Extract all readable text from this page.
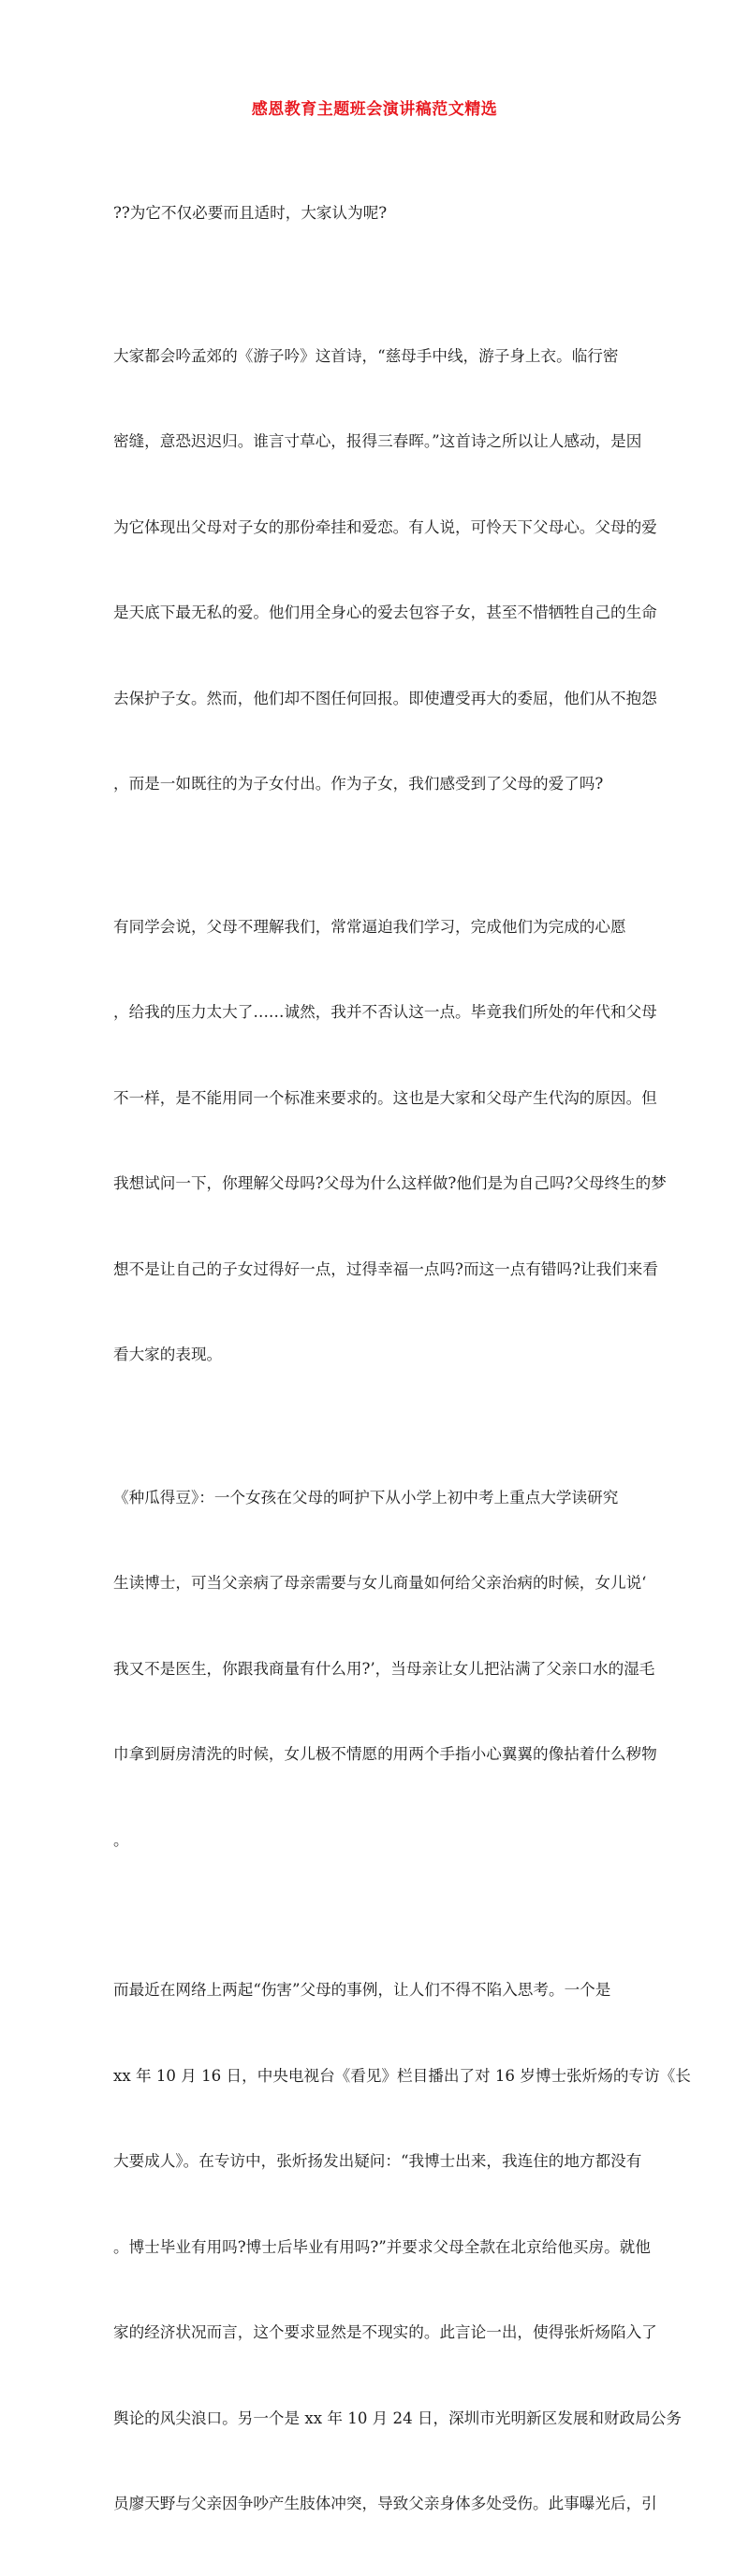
感恩教育主题班会演讲稿范文精选

??为它不仅必要而且适时，大家认为呢?

大家都会吟孟郊的《游子吟》这首诗，“慈母手中线，游子身上衣。临行密

密缝，意恐迟迟归。谁言寸草心，报得三春晖。”这首诗之所以让人感动，是因

为它体现出父母对子女的那份牵挂和爱恋。有人说，可怜天下父母心。父母的爱

是天底下最无私的爱。他们用全身心的爱去包容子女，甚至不惜牺牲自己的生命

去保护子女。然而，他们却不图任何回报。即使遭受再大的委屈，他们从不抱怨

，而是一如既往的为子女付出。作为子女，我们感受到了父母的爱了吗?

有同学会说，父母不理解我们，常常逼迫我们学习，完成他们为完成的心愿

，给我的压力太大了……诚然，我并不否认这一点。毕竟我们所处的年代和父母

不一样，是不能用同一个标准来要求的。这也是大家和父母产生代沟的原因。但

我想试问一下，你理解父母吗?父母为什么这样做?他们是为自己吗?父母终生的梦

想不是让自己的子女过得好一点，过得幸福一点吗?而这一点有错吗?让我们来看

看大家的表现。

《种瓜得豆》：一个女孩在父母的呵护下从小学上初中考上重点大学读研究

生读博士，可当父亲病了母亲需要与女儿商量如何给父亲治病的时候，女儿说‘

我又不是医生，你跟我商量有什么用?’，当母亲让女儿把沾满了父亲口水的湿毛

巾拿到厨房清洗的时候，女儿极不情愿的用两个手指小心翼翼的像拈着什么秽物

。

而最近在网络上两起“伤害”父母的事例，让人们不得不陷入思考。一个是

xx 年 10 月 16 日，中央电视台《看见》栏目播出了对 16 岁博士张炘炀的专访《长

大要成人》。在专访中，张炘扬发出疑问：“我博士出来，我连住的地方都没有

。博士毕业有用吗?博士后毕业有用吗?”并要求父母全款在北京给他买房。就他

家的经济状况而言，这个要求显然是不现实的。此言论一出，使得张炘炀陷入了

舆论的风尖浪口。另一个是 xx 年 10 月 24 日，深圳市光明新区发展和财政局公务

员廖天野与父亲因争吵产生肢体冲突，导致父亲身体多处受伤。此事曝光后，引
